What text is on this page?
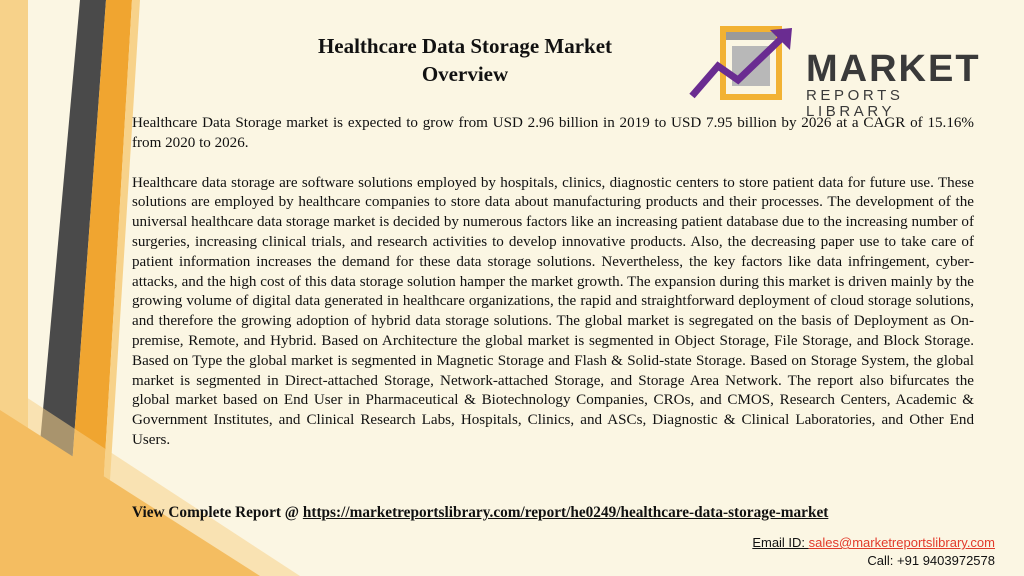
Healthcare Data Storage Market
Overview	MARKET
REPORTS LIBRARY

Healthcare Data Storage market is expected to grow from USD 2.96 billion in 2019 to USD 7.95 billion by 2026 at a CAGR of 15.16% from 2020 to 2026.

Healthcare data storage are software solutions employed by hospitals, clinics, diagnostic centers to store patient data for future use. These solutions are employed by healthcare companies to store data about manufacturing products and their processes. The development of the universal healthcare data storage market is decided by numerous factors like an increasing patient database due to the increasing number of surgeries, increasing clinical trials, and research activities to develop innovative products. Also, the decreasing paper use to take care of patient information increases the demand for these data storage solutions. Nevertheless, the key factors like data infringement, cyber-attacks, and the high cost of this data storage solution hamper the market growth. The expansion during this market is driven mainly by the growing volume of digital data generated in healthcare organizations, the rapid and straightforward deployment of cloud storage solutions, and therefore the growing adoption of hybrid data storage solutions. The global market is segregated on the basis of Deployment as On-premise, Remote, and Hybrid. Based on Architecture the global market is segmented in Object Storage, File Storage, and Block Storage. Based on Type the global market is segmented in Magnetic Storage and Flash & Solid-state Storage. Based on Storage System, the global market is segmented in Direct-attached Storage, Network-attached Storage, and Storage Area Network. The report also bifurcates the global market based on End User in Pharmaceutical & Biotechnology Companies, CROs, and CMOS, Research Centers, Academic & Government Institutes, and Clinical Research Labs, Hospitals, Clinics, and ASCs, Diagnostic & Clinical Laboratories, and Other End Users.

View Complete Report @ https://marketreportslibrary.com/report/he0249/healthcare-data-storage-market
Email ID: sales@marketreportslibrary.com
Call: +91 9403972578
